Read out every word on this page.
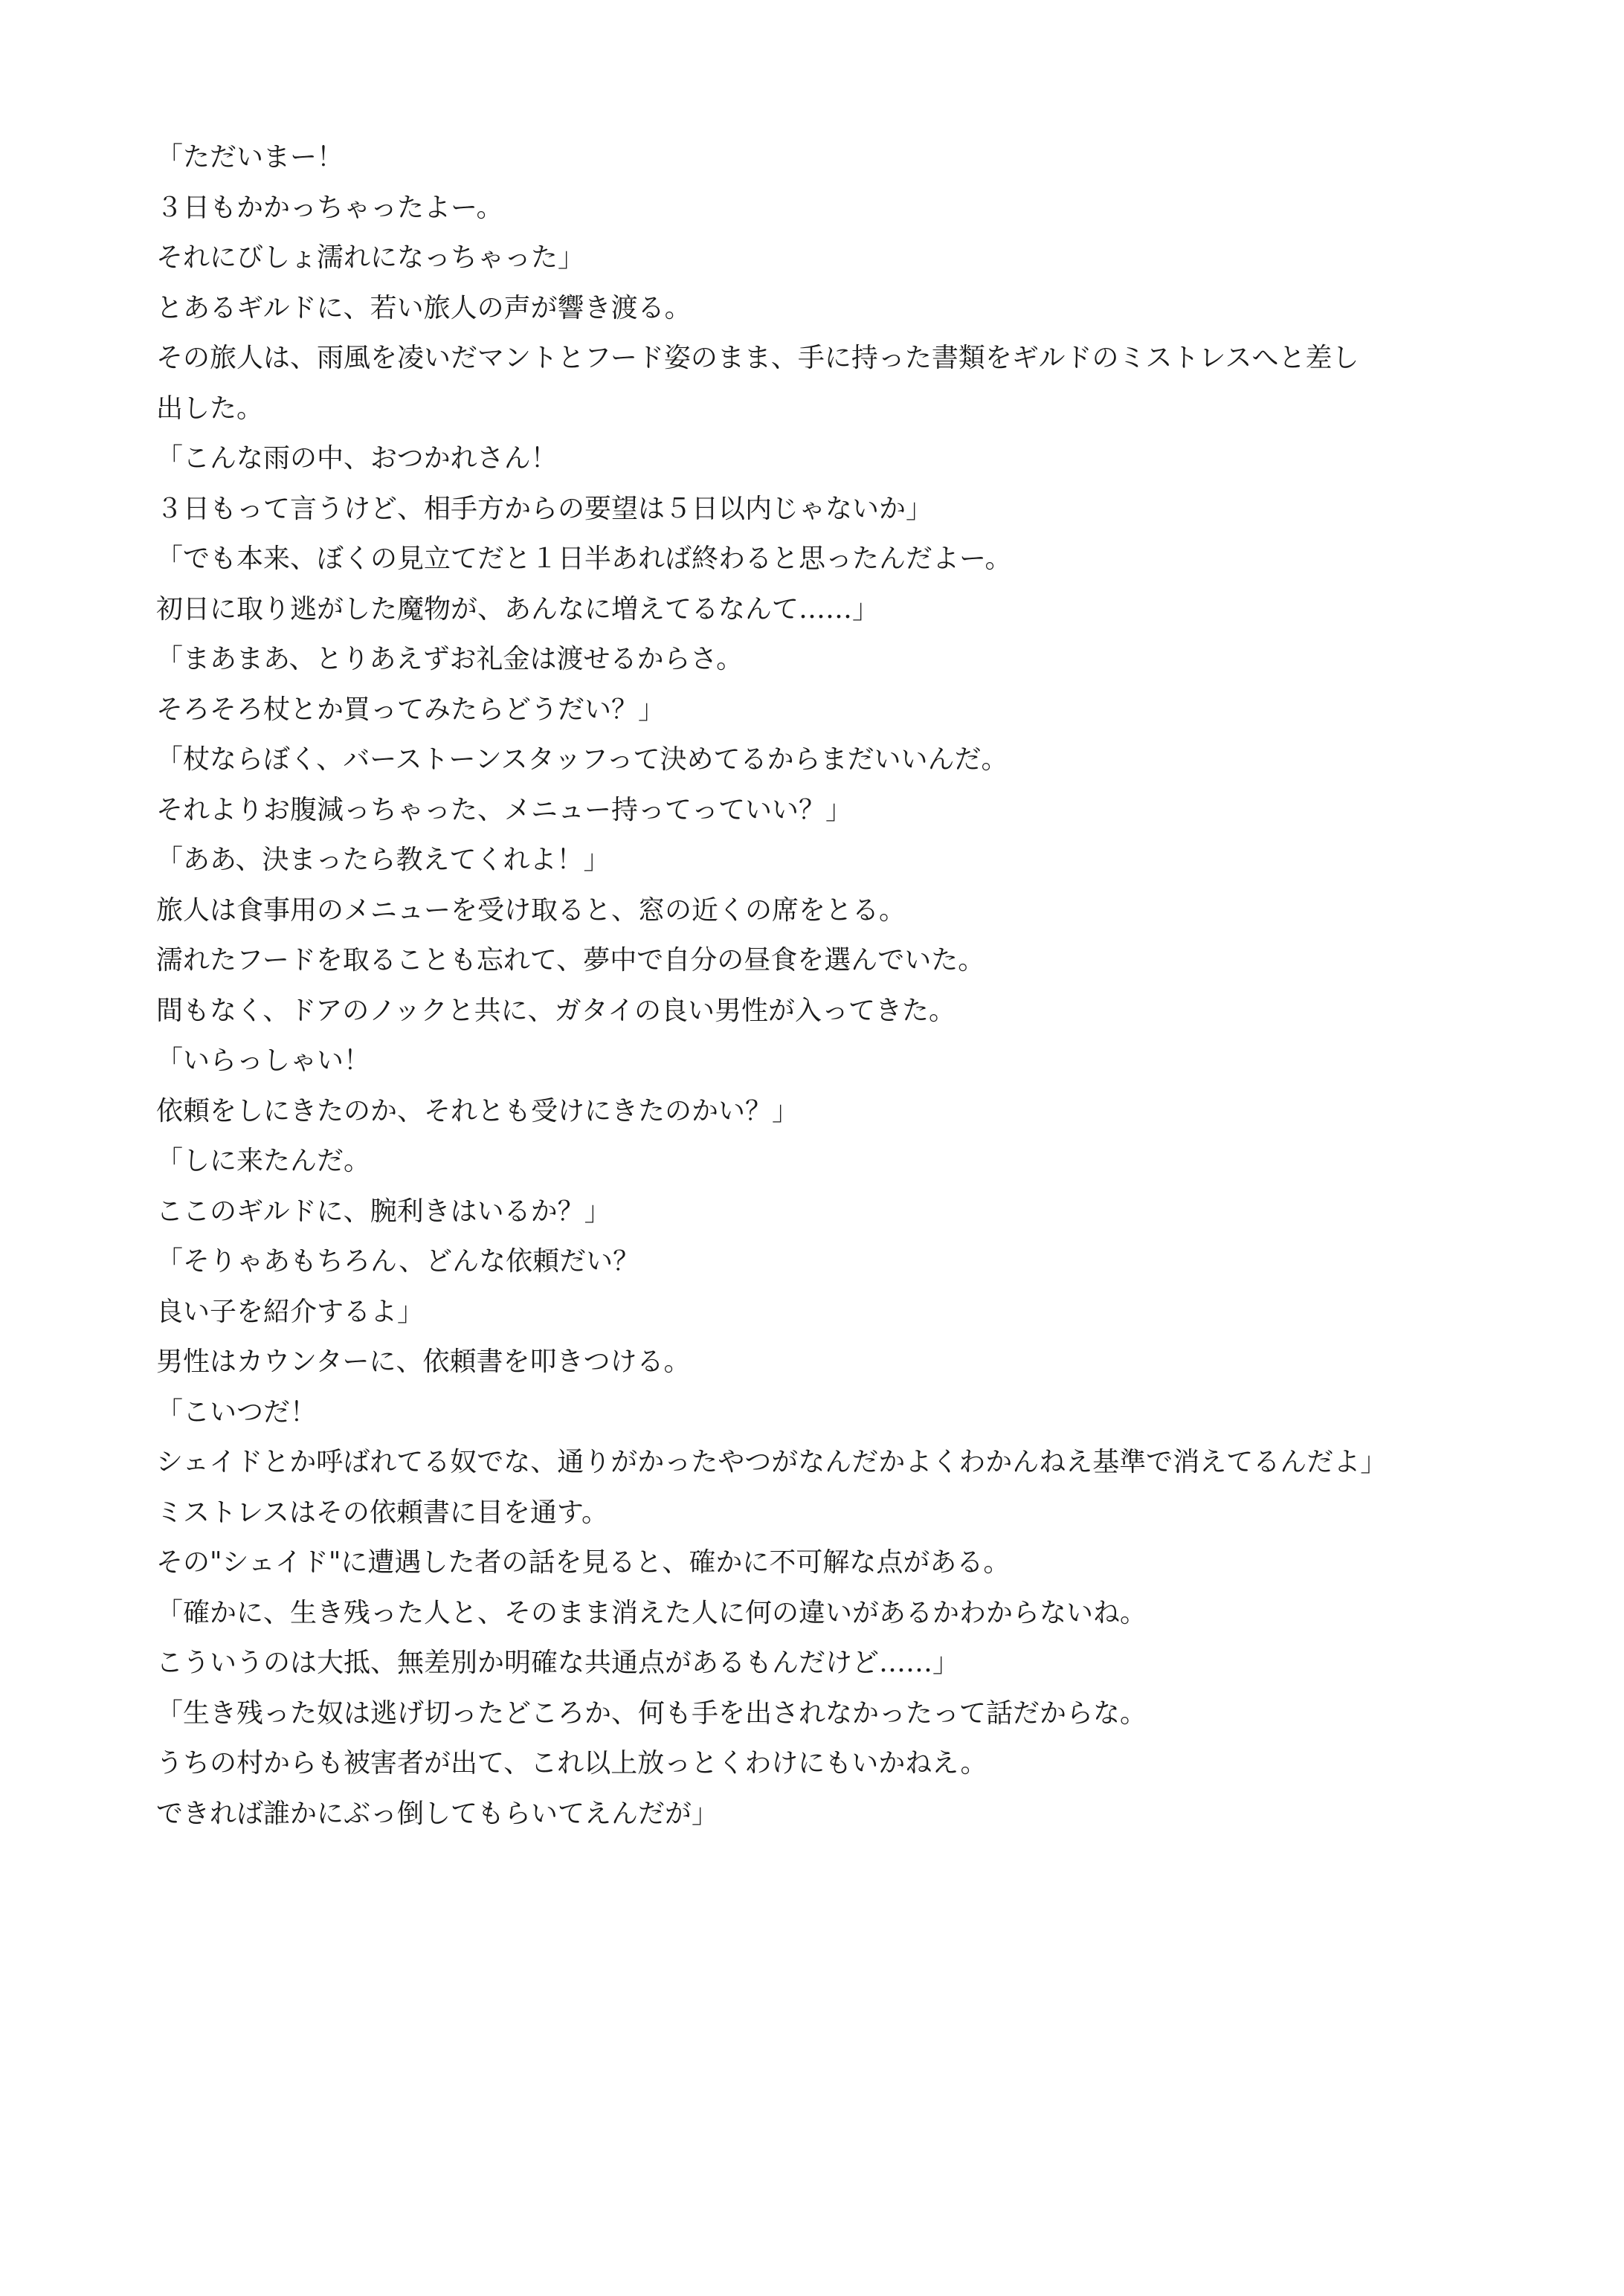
「ただいまー！
３日もかかっちゃったよー。
それにびしょ濡れになっちゃった」
とあるギルドに、若い旅人の声が響き渡る。
その旅人は、雨風を凌いだマントとフード姿のまま、手に持った書類をギルドのミストレスへと差し
出した。
「こんな雨の中、おつかれさん！
３日もって言うけど、相手方からの要望は５日以内じゃないか」
「でも本来、ぼくの見立てだと１日半あれば終わると思ったんだよー。
初日に取り逃がした魔物が、あんなに増えてるなんて……」
「まあまあ、とりあえずお礼金は渡せるからさ。
そろそろ杖とか買ってみたらどうだい？」
「杖ならぼく、バーストーンスタッフって決めてるからまだいいんだ。
それよりお腹減っちゃった、メニュー持ってっていい？」
「ああ、決まったら教えてくれよ！」
旅人は食事用のメニューを受け取ると、窓の近くの席をとる。
濡れたフードを取ることも忘れて、夢中で自分の昼食を選んでいた。
間もなく、ドアのノックと共に、ガタイの良い男性が入ってきた。
「いらっしゃい！
依頼をしにきたのか、それとも受けにきたのかい？」
「しに来たんだ。
ここのギルドに、腕利きはいるか？」
「そりゃあもちろん、どんな依頼だい？
良い子を紹介するよ」
男性はカウンターに、依頼書を叩きつける。
「こいつだ！
シェイドとか呼ばれてる奴でな、通りがかったやつがなんだかよくわかんねえ基準で消えてるんだよ」
ミストレスはその依頼書に目を通す。
その"シェイド"に遭遇した者の話を見ると、確かに不可解な点がある。
「確かに、生き残った人と、そのまま消えた人に何の違いがあるかわからないね。
こういうのは大抵、無差別か明確な共通点があるもんだけど……」
「生き残った奴は逃げ切ったどころか、何も手を出されなかったって話だからな。
うちの村からも被害者が出て、これ以上放っとくわけにもいかねえ。
できれば誰かにぶっ倒してもらいてえんだが」
